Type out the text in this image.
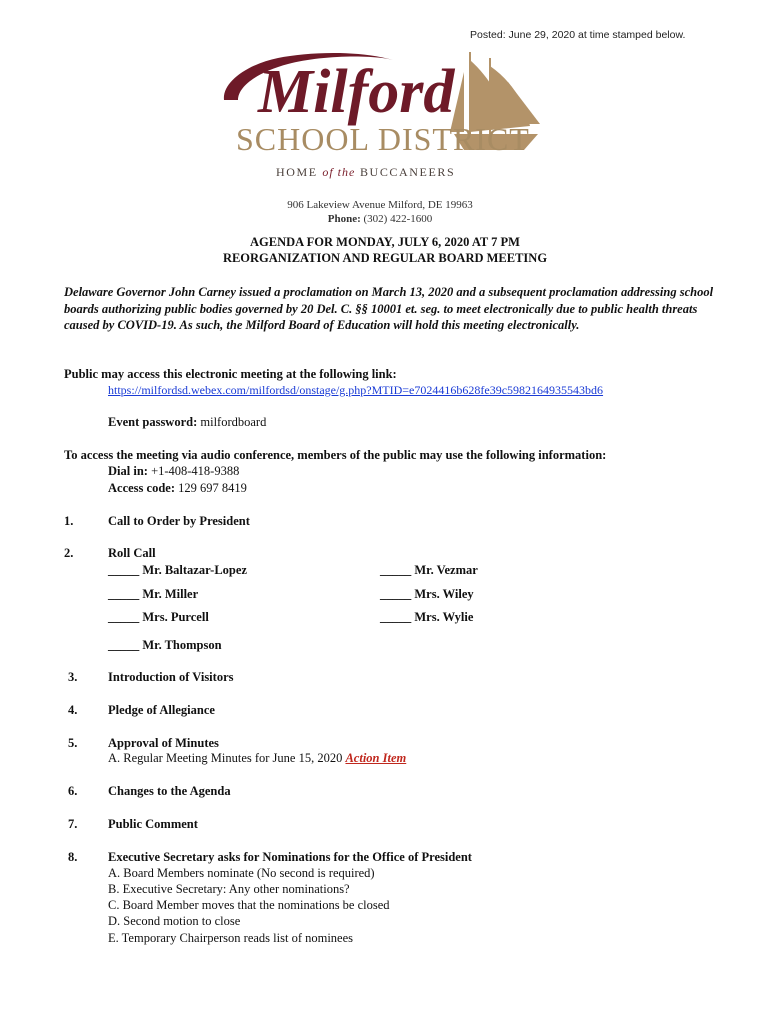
Posted: June 29, 2020 at time stamped below.
Milford
SCHOOL DISTRICT
HOME of the BUCCANEERS
906 Lakeview Avenue Milford, DE 19963
Phone: (302) 422-1600
AGENDA FOR MONDAY, JULY 6, 2020 AT 7 PM
REORGANIZATION AND REGULAR BOARD MEETING
Delaware Governor John Carney issued a proclamation on March 13, 2020 and a subsequent proclamation addressing school boards authorizing public bodies governed by 20 Del. C. §§ 10001 et. seg. to meet electronically due to public health threats caused by COVID-19. As such, the Milford Board of Education will hold this meeting electronically.
Public may access this electronic meeting at the following link:
https://milfordsd.webex.com/milfordsd/onstage/g.php?MTID=e7024416b628fe39c5982164935543bd6
Event password: milfordboard
To access the meeting via audio conference, members of the public may use the following information:
Dial in: +1-408-418-9388
Access code: 129 697 8419
1.	Call to Order by President
2.	Roll Call
_____ Mr. Baltazar-Lopez	_____ Mr. Vezmar
_____ Mr. Miller	_____ Mrs. Wiley
_____ Mrs. Purcell	_____ Mrs. Wylie
_____ Mr. Thompson
3. Introduction of Visitors
4. Pledge of Allegiance
5. Approval of Minutes
A. Regular Meeting Minutes for June 15, 2020 Action Item
6. Changes to the Agenda
7. Public Comment
8. Executive Secretary asks for Nominations for the Office of President
A. Board Members nominate (No second is required)
B. Executive Secretary: Any other nominations?
C. Board Member moves that the nominations be closed
D. Second motion to close
E. Temporary Chairperson reads list of nominees
